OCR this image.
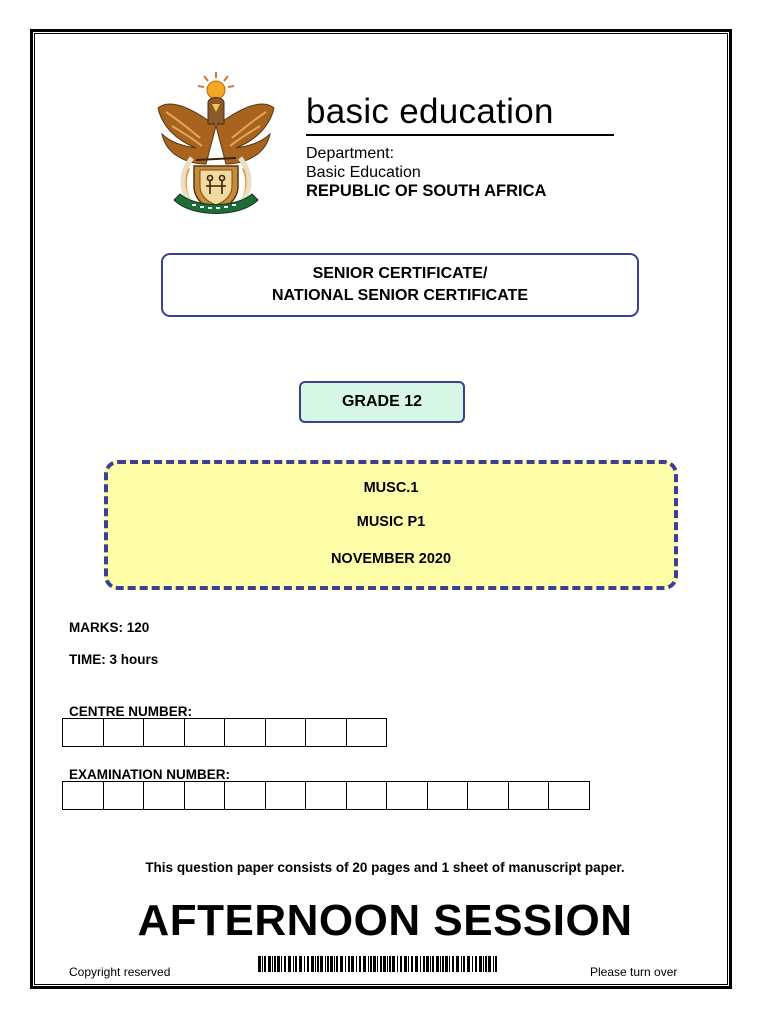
basic education
Department:
Basic Education
REPUBLIC OF SOUTH AFRICA
SENIOR CERTIFICATE/
NATIONAL SENIOR CERTIFICATE
GRADE 12
MUSC.1
MUSIC P1
NOVEMBER 2020
MARKS: 120
TIME: 3 hours
CENTRE NUMBER:
EXAMINATION NUMBER:
This question paper consists of 20 pages and 1 sheet of manuscript paper.
AFTERNOON SESSION
Copyright reserved	Please turn over
